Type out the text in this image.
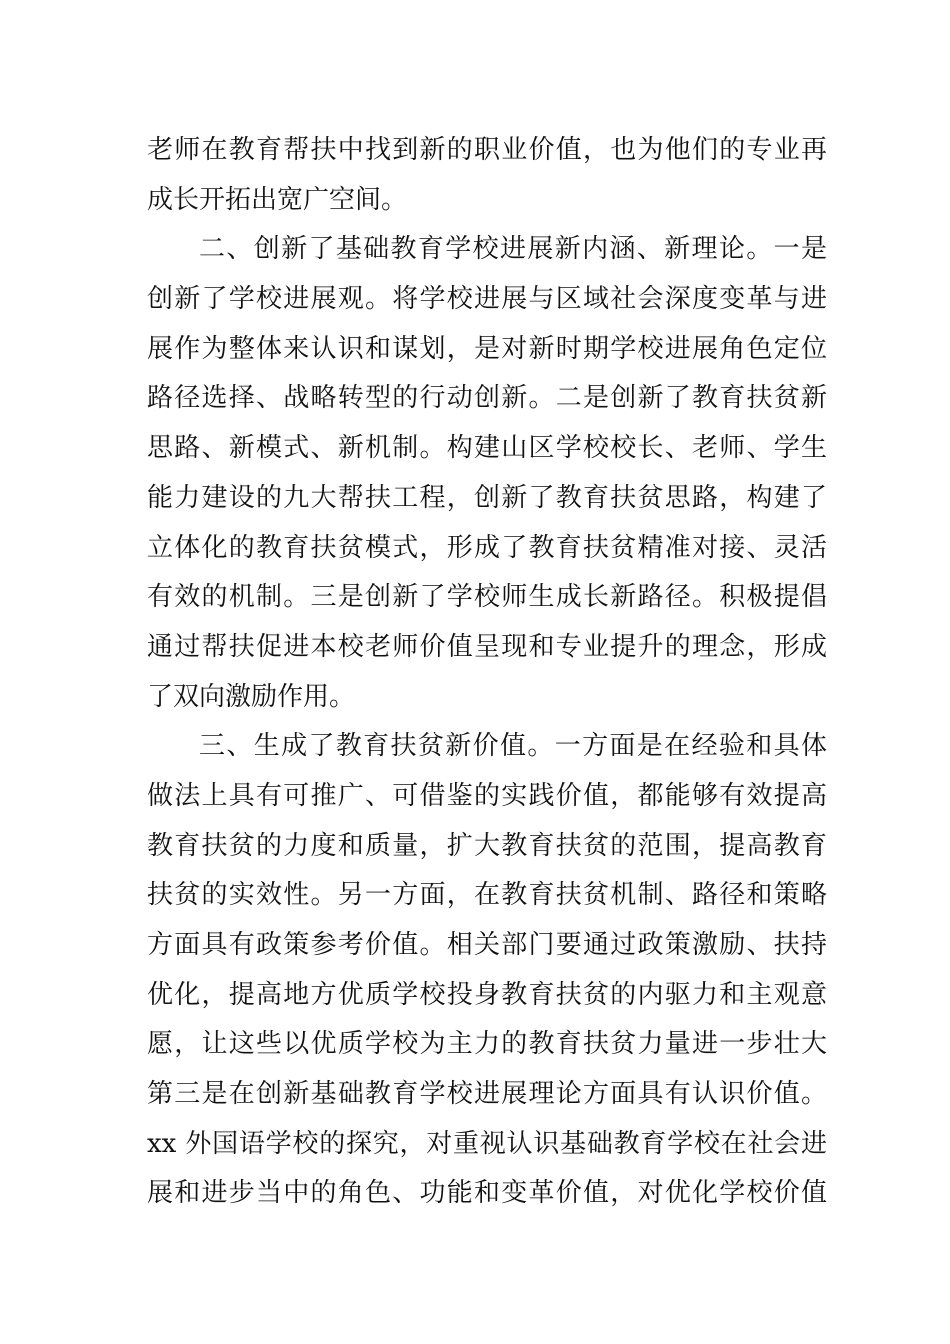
老师在教育帮扶中找到新的职业价值，也为他们的专业再
成长开拓出宽广空间。
二、创新了基础教育学校进展新内涵、新理论。一是
创新了学校进展观。将学校进展与区域社会深度变革与进
展作为整体来认识和谋划，是对新时期学校进展角色定位
路径选择、战略转型的行动创新。二是创新了教育扶贫新
思路、新模式、新机制。构建山区学校校长、老师、学生
能力建设的九大帮扶工程，创新了教育扶贫思路，构建了
立体化的教育扶贫模式，形成了教育扶贫精准对接、灵活
有效的机制。三是创新了学校师生成长新路径。积极提倡
通过帮扶促进本校老师价值呈现和专业提升的理念，形成
了双向激励作用。
三、生成了教育扶贫新价值。一方面是在经验和具体
做法上具有可推广、可借鉴的实践价值，都能够有效提高
教育扶贫的力度和质量，扩大教育扶贫的范围，提高教育
扶贫的实效性。另一方面，在教育扶贫机制、路径和策略
方面具有政策参考价值。相关部门要通过政策激励、扶持
优化，提高地方优质学校投身教育扶贫的内驱力和主观意
愿，让这些以优质学校为主力的教育扶贫力量进一步壮大
第三是在创新基础教育学校进展理论方面具有认识价值。
xx 外国语学校的探究，对重视认识基础教育学校在社会进
展和进步当中的角色、功能和变革价值，对优化学校价值
